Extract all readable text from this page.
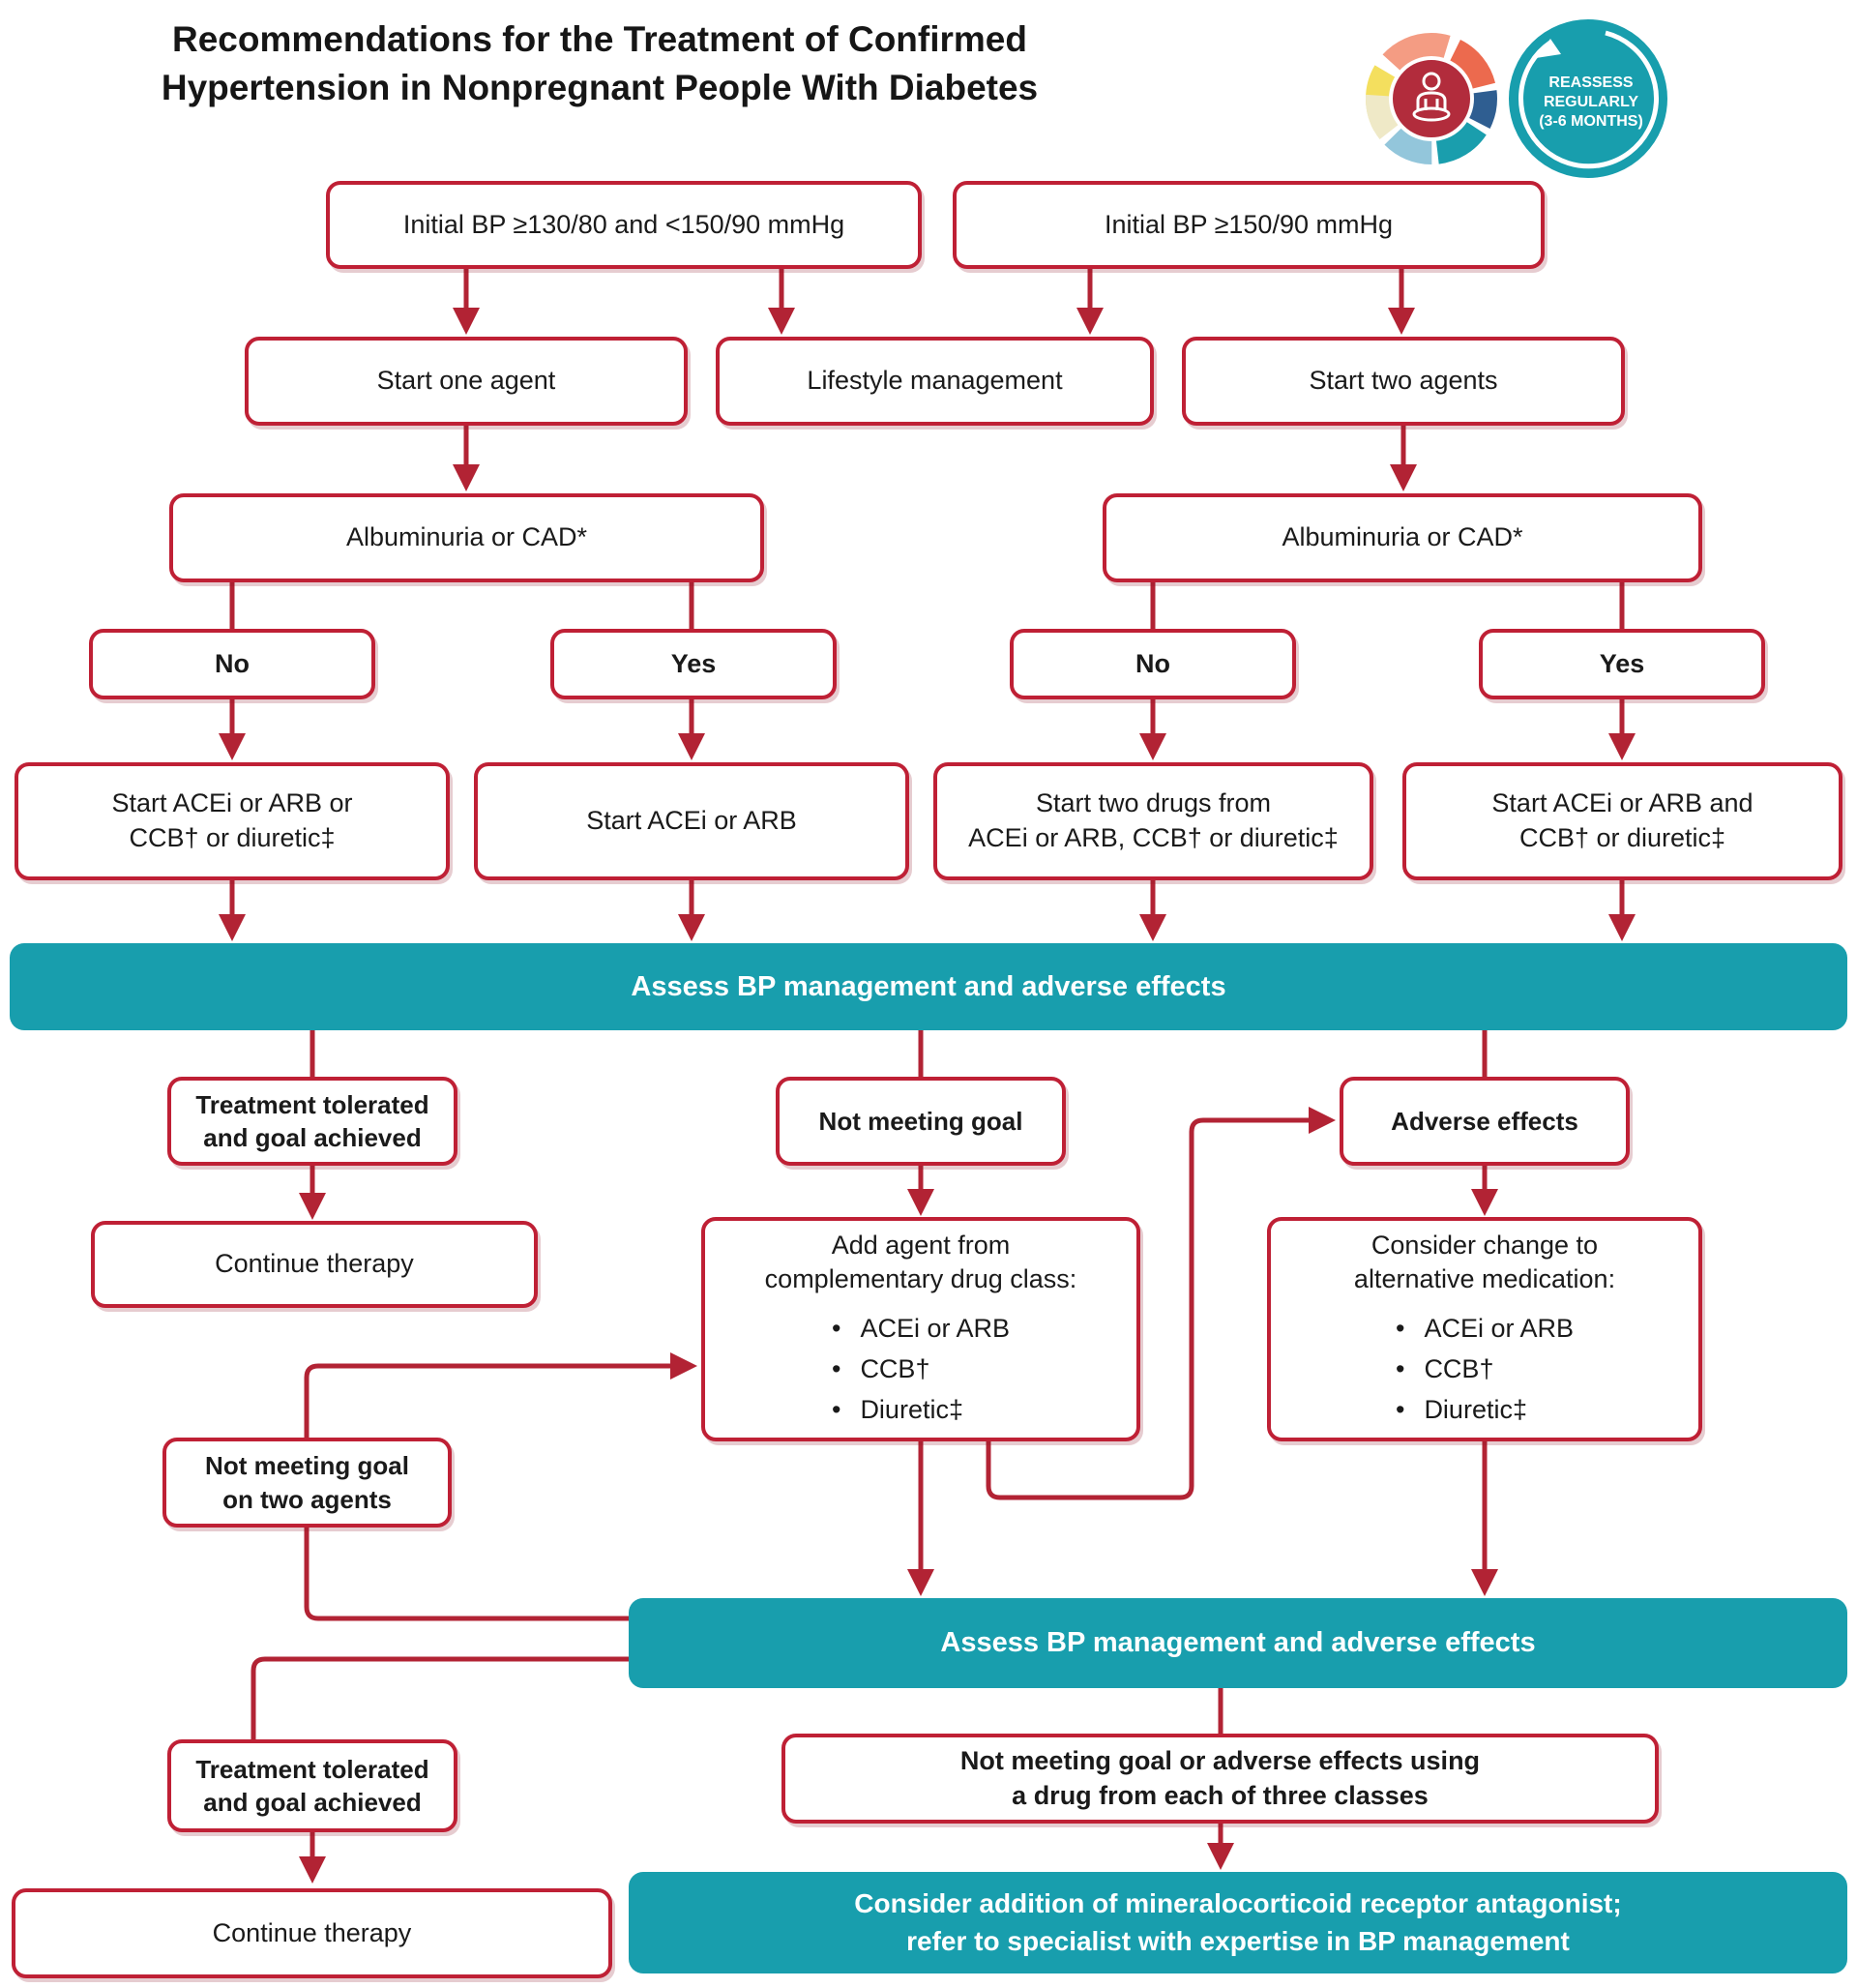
Recommendations for the Treatment of Confirmed
Hypertension in Nonpregnant People With Diabetes	REASSESS
REGULARLY
(3-6 MONTHS)
Initial BP ≥130/80 and <150/90 mmHg	Initial BP ≥150/90 mmHg
Start one agent	Lifestyle management	Start two agents
Albuminuria or CAD*	Albuminuria or CAD*
No	Yes	No	Yes
Start ACEi or ARB or
CCB† or diuretic‡
Start ACEi or ARB
Start two drugs from
ACEi or ARB, CCB† or diuretic‡
Start ACEi or ARB and
CCB† or diuretic‡
Assess BP management and adverse effects
Treatment tolerated
and goal achieved
Not meeting goal	Adverse effects
Continue therapy
Add agent from
complementary drug class:
• ACEi or ARB
• CCB†
• Diuretic‡
Consider change to
alternative medication:
• ACEi or ARB
• CCB†
• Diuretic‡
Not meeting goal
on two agents
Assess BP management and adverse effects
Treatment tolerated
and goal achieved
Not meeting goal or adverse effects using
a drug from each of three classes
Continue therapy
Consider addition of mineralocorticoid receptor antagonist;
refer to specialist with expertise in BP management
